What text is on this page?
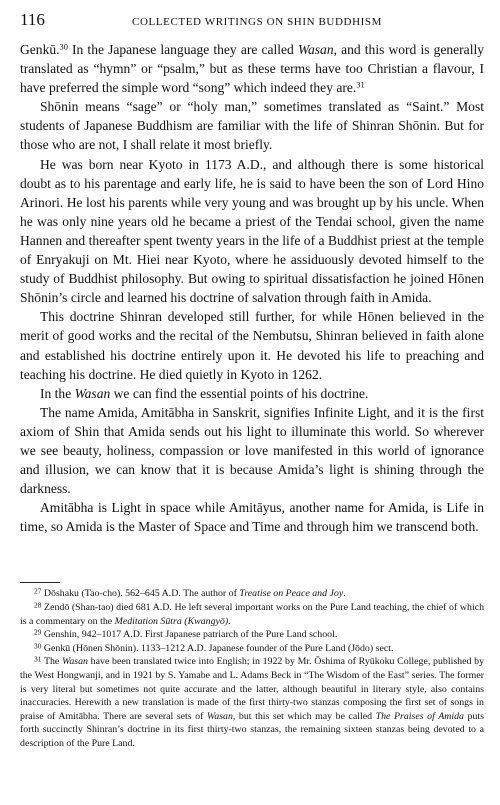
116	COLLECTED WRITINGS ON SHIN BUDDHISM

Genkū.$^{30}$ In the Japanese language they are called Wasan, and this word is generally translated as “hymn” or “psalm,” but as these terms have too Christian a flavour, I have preferred the simple word “song” which indeed they are.$^{31}$

Shōnin means “sage” or “holy man,” sometimes translated as “Saint.” Most students of Japanese Buddhism are familiar with the life of Shinran Shōnin. But for those who are not, I shall relate it most briefly.

He was born near Kyoto in 1173 A.D., and although there is some historical doubt as to his parentage and early life, he is said to have been the son of Lord Hino Arinori. He lost his parents while very young and was brought up by his uncle. When he was only nine years old he became a priest of the Tendai school, given the name Hannen and thereafter spent twenty years in the life of a Buddhist priest at the temple of Enryakuji on Mt. Hiei near Kyoto, where he assiduously devoted himself to the study of Buddhist philosophy. But owing to spiritual dissatisfaction he joined Hōnen Shōnin’s circle and learned his doctrine of salvation through faith in Amida.

This doctrine Shinran developed still further, for while Hōnen believed in the merit of good works and the recital of the Nembutsu, Shinran believed in faith alone and established his doctrine entirely upon it. He devoted his life to preaching and teaching his doctrine. He died quietly in Kyoto in 1262.

In the Wasan we can find the essential points of his doctrine.

The name Amida, Amitābha in Sanskrit, signifies Infinite Light, and it is the first axiom of Shin that Amida sends out his light to illuminate this world. So wherever we see beauty, holiness, compassion or love manifested in this world of ignorance and illusion, we can know that it is because Amida’s light is shining through the darkness.

Amitābha is Light in space while Amitāyus, another name for Amida, is Life in time, so Amida is the Master of Space and Time and through him we transcend both.

$^{27}$ Dōshaku (Tao-cho). 562–645 A.D. The author of Treatise on Peace and Joy.

$^{28}$ Zendō (Shan-tao) died 681 A.D. He left several important works on the Pure Land teaching, the chief of which is a commentary on the Meditation Sūtra (Kwangyō).

$^{29}$ Genshin, 942–1017 A.D. First Japanese patriarch of the Pure Land school.

$^{30}$ Genkū (Hōnen Shōnin). 1133–1212 A.D. Japanese founder of the Pure Land (Jōdo) sect.

$^{31}$ The Wasan have been translated twice into English; in 1922 by Mr. Ōshima of Ryūkoku College, published by the West Hongwanji, and in 1921 by S. Yamabe and L. Adams Beck in “The Wisdom of the East” series. The former is very literal but sometimes not quite accurate and the latter, although beautiful in literary style, also contains inaccuracies. Herewith a new translation is made of the first thirty-two stanzas composing the first set of songs in praise of Amitābha. There are several sets of Wasan, but this set which may be called The Praises of Amida puts forth succinctly Shinran’s doctrine in its first thirty-two stanzas, the remaining sixteen stanzas being devoted to a description of the Pure Land.
